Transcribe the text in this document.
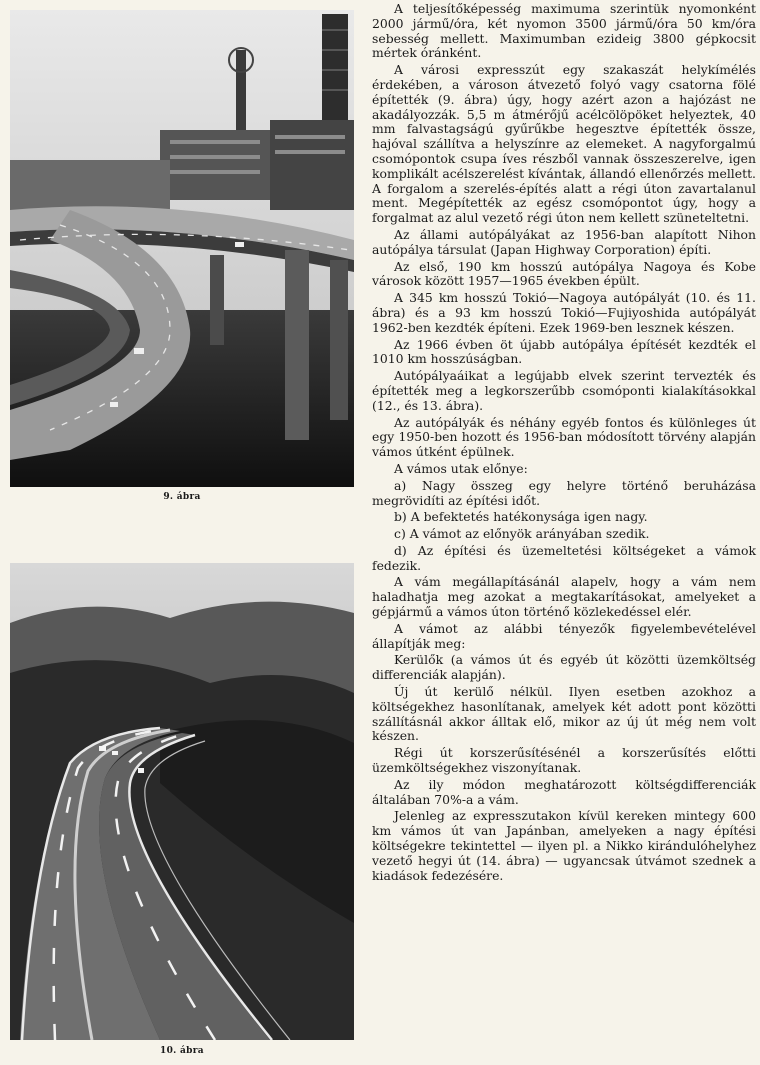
9. ábra
10. ábra

A teljesítőképesség maximuma szerintük nyomonként 2000 jármű/óra, két nyomon 3500 jármű/óra 50 km/óra sebesség mellett. Maximumban ezideig 3800 gépkocsit mértek óránként.

A városi expresszút egy szakaszát helykímélés érdekében, a városon átvezető folyó vagy csatorna fölé építették (9. ábra) úgy, hogy azért azon a hajózást ne akadályozzák. 5,5 m átmérőjű acélcölöpöket helyeztek, 40 mm falvastagságú gyűrűkbe hegesztve építették össze, hajóval szállítva a helyszínre az elemeket. A nagyforgalmú csomópontok csupa íves részből vannak összeszerelve, igen komplikált acélszerelést kívántak, állandó ellenőrzés mellett. A forgalom a szerelés-építés alatt a régi úton zavartalanul ment. Megépítették az egész csomópontot úgy, hogy a forgalmat az alul vezető régi úton nem kellett szüneteltetni.

Az állami autópályákat az 1956-ban alapított Nihon autópálya társulat (Japan Highway Corporation) építi.

Az első, 190 km hosszú autópálya Nagoya és Kobe városok között 1957—1965 években épült.

A 345 km hosszú Tokió—Nagoya autópályát (10. és 11. ábra) és a 93 km hosszú Tokió—Fujiyoshida autópályát 1962-ben kezdték építeni. Ezek 1969-ben lesznek készen.

Az 1966 évben öt újabb autópálya építését kezdték el 1010 km hosszúságban.

Autópályaáikat a legújabb elvek szerint tervezték és építették meg a legkorszerűbb csomóponti kialakításokkal (12., és 13. ábra).

Az autópályák és néhány egyéb fontos és különleges út egy 1950-ben hozott és 1956-ban módosított törvény alapján vámos útként épülnek.

A vámos utak előnye:

a) Nagy összeg egy helyre történő beruházása megrövidíti az építési időt.

b) A befektetés hatékonysága igen nagy.

c) A vámot az előnyök arányában szedik.

d) Az építési és üzemeltetési költségeket a vámok fedezik.

A vám megállapításánál alapelv, hogy a vám nem haladhatja meg azokat a megtakarításokat, amelyeket a gépjármű a vámos úton történő közlekedéssel elér.

A vámot az alábbi tényezők figyelembevételével állapítják meg:

Kerülők (a vámos út és egyéb út közötti üzemköltség differenciák alapján).

Új út kerülő nélkül. Ilyen esetben azokhoz a költségekhez hasonlítanak, amelyek két adott pont közötti szállításnál akkor álltak elő, mikor az új út még nem volt készen.

Régi út korszerűsítésénél a korszerűsítés előtti üzemköltségekhez viszonyítanak.

Az ily módon meghatározott költségdifferenciák általában 70%-a a vám.

Jelenleg az expresszutakon kívül kereken mintegy 600 km vámos út van Japánban, amelyeken a nagy építési költségekre tekintettel — ilyen pl. a Nikko kirándulóhelyhez vezető hegyi út (14. ábra) — ugyancsak útvámot szednek a kiadások fedezésére.
